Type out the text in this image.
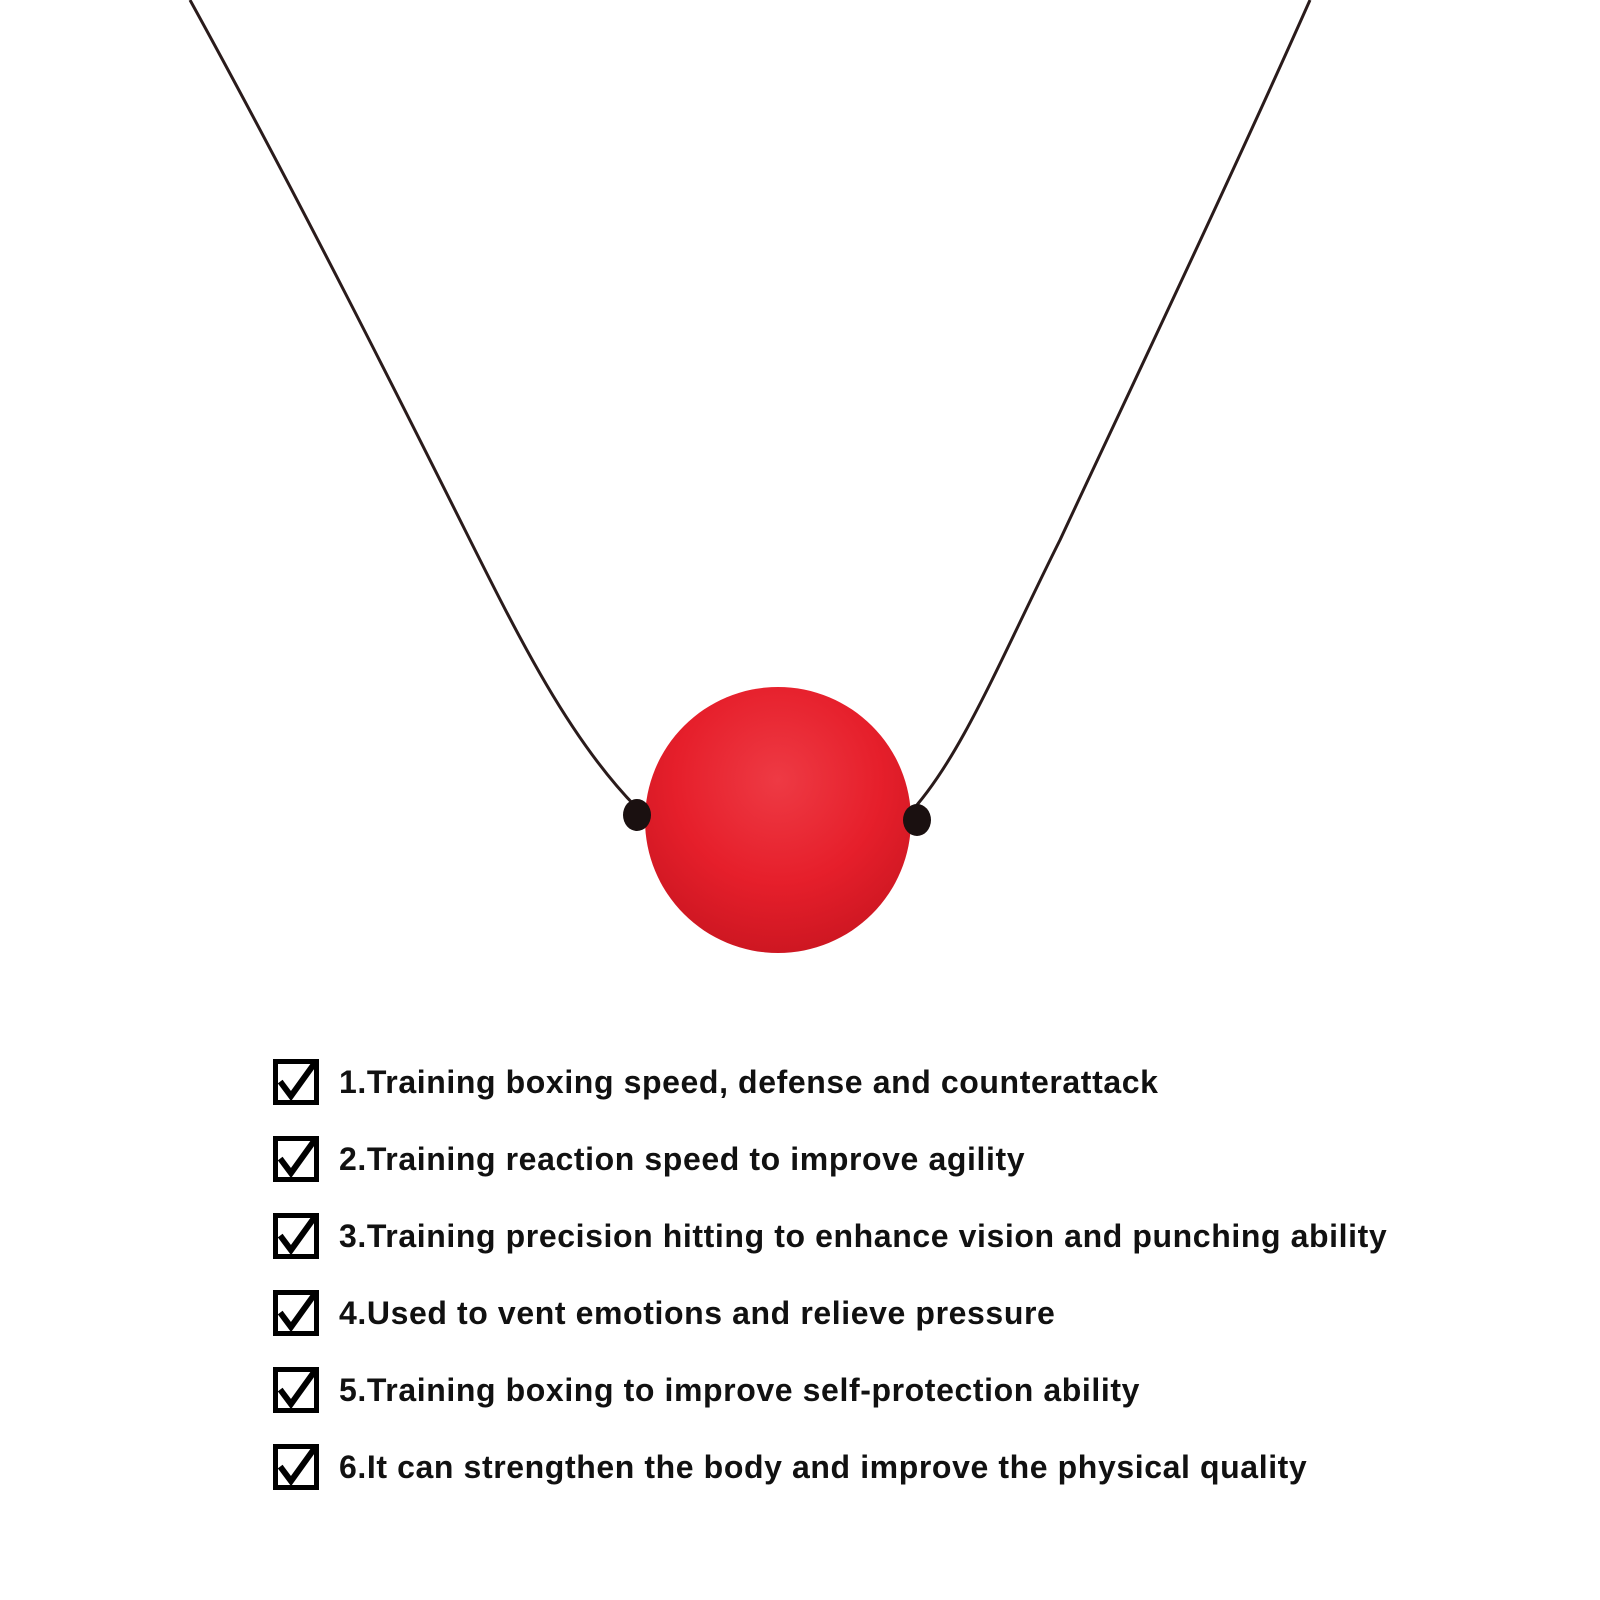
1.Training boxing speed, defense and counterattack
2.Training reaction speed to improve agility
3.Training precision hitting to enhance vision and punching ability
4.Used to vent emotions and relieve pressure
5.Training boxing to improve self-protection ability
6.It can strengthen the body and improve the physical quality
